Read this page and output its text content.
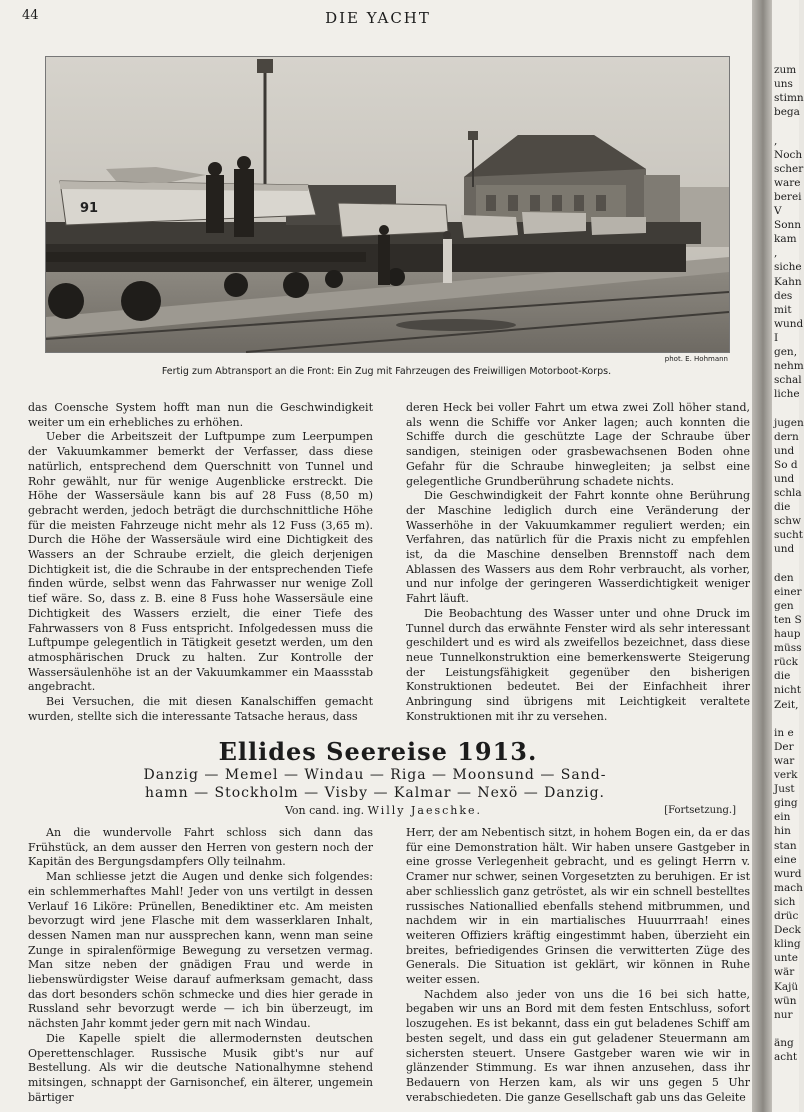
44	DIE YACHT
91
phot. E. Hohmann
Fertig zum Abtransport an die Front: Ein Zug mit Fahrzeugen des Freiwilligen Motorboot-Korps.

das Coensche System hofft man nun die Geschwindigkeit weiter um ein erhebliches zu erhöhen.

Ueber die Arbeitszeit der Luftpumpe zum Leerpumpen der Vakuumkammer bemerkt der Verfasser, dass diese natürlich, entsprechend dem Querschnitt von Tunnel und Rohr gewählt, nur für wenige Augenblicke erstreckt. Die Höhe der Wassersäule kann bis auf 28 Fuss (8,50 m) gebracht werden, jedoch beträgt die durchschnittliche Höhe für die meisten Fahrzeuge nicht mehr als 12 Fuss (3,65 m). Durch die Höhe der Wassersäule wird eine Dichtigkeit des Wassers an der Schraube erzielt, die gleich derjenigen Dichtigkeit ist, die die Schraube in der entsprechenden Tiefe finden würde, selbst wenn das Fahrwasser nur wenige Zoll tief wäre. So, dass z. B. eine 8 Fuss hohe Wassersäule eine Dichtigkeit des Wassers erzielt, die einer Tiefe des Fahrwassers von 8 Fuss entspricht. Infolgedessen muss die Luftpumpe gelegentlich in Tätigkeit gesetzt werden, um den atmosphärischen Druck zu halten. Zur Kontrolle der Wassersäulenhöhe ist an der Vakuumkammer ein Maassstab angebracht.

Bei Versuchen, die mit diesen Kanalschiffen gemacht wurden, stellte sich die interessante Tatsache heraus, dass

deren Heck bei voller Fahrt um etwa zwei Zoll höher stand, als wenn die Schiffe vor Anker lagen; auch konnten die Schiffe durch die geschützte Lage der Schraube über sandigen, steinigen oder grasbewachsenen Boden ohne Gefahr für die Schraube hinwegleiten; ja selbst eine gelegentliche Grundberührung schadete nichts.

Die Geschwindigkeit der Fahrt konnte ohne Berührung der Maschine lediglich durch eine Veränderung der Wasserhöhe in der Vakuumkammer reguliert werden; ein Verfahren, das natürlich für die Praxis nicht zu empfehlen ist, da die Maschine denselben Brennstoff nach dem Ablassen des Wassers aus dem Rohr verbraucht, als vorher, und nur infolge der geringeren Wasserdichtigkeit weniger Fahrt läuft.

Die Beobachtung des Wasser unter und ohne Druck im Tunnel durch das erwähnte Fenster wird als sehr interessant geschildert und es wird als zweifellos bezeichnet, dass diese neue Tunnelkonstruktion eine bemerkenswerte Steigerung der Leistungsfähigkeit gegenüber den bisherigen Konstruktionen bedeutet. Bei der Einfachheit ihrer Anbringung sind übrigens mit Leichtigkeit veraltete Konstruktionen mit ihr zu versehen.

Ellides Seereise 1913.
Danzig — Memel — Windau — Riga — Moonsund — Sand-
hamn — Stockholm — Visby — Kalmar — Nexö — Danzig.
Von cand. ing. Willy Jaeschke.	[Fortsetzung.]

An die wundervolle Fahrt schloss sich dann das Frühstück, an dem ausser den Herren von gestern noch der Kapitän des Bergungsdampfers Olly teilnahm.

Man schliesse jetzt die Augen und denke sich folgendes: ein schlemmerhaftes Mahl! Jeder von uns vertilgt in dessen Verlauf 16 Liköre: Prünellen, Benediktiner etc. Am meisten bevorzugt wird jene Flasche mit dem wasserklaren Inhalt, dessen Namen man nur aussprechen kann, wenn man seine Zunge in spiralenförmige Bewegung zu versetzen vermag. Man sitze neben der gnädigen Frau und werde in liebenswürdigster Weise darauf aufmerksam gemacht, dass das dort besonders schön schmecke und dies hier gerade in Russland sehr bevorzugt werde — ich bin überzeugt, im nächsten Jahr kommt jeder gern mit nach Windau.

Die Kapelle spielt die allermodernsten deutschen Operettenschlager. Russische Musik gibt's nur auf Bestellung. Als wir die deutsche Nationalhymne stehend mitsingen, schnappt der Garnisonchef, ein älterer, ungemein bärtiger

Herr, der am Nebentisch sitzt, in hohem Bogen ein, da er das für eine Demonstration hält. Wir haben unsere Gastgeber in eine grosse Verlegenheit gebracht, und es gelingt Herrn v. Cramer nur schwer, seinen Vorgesetzten zu beruhigen. Er ist aber schliesslich ganz getröstet, als wir ein schnell bestelltes russisches Nationallied ebenfalls stehend mitbrummen, und nachdem wir in ein martialisches Huuurrraah! eines weiteren Offiziers kräftig eingestimmt haben, überzieht ein breites, befriedigendes Grinsen die verwitterten Züge des Generals. Die Situation ist geklärt, wir können in Ruhe weiter essen.

Nachdem also jeder von uns die 16 bei sich hatte, begaben wir uns an Bord mit dem festen Entschluss, sofort loszugehen. Es ist bekannt, dass ein gut beladenes Schiff am besten segelt, und dass ein gut geladener Steuermann am sichersten steuert. Unsere Gastgeber waren wie wir in glänzender Stimmung. Es war ihnen anzusehen, dass ihr Bedauern von Herzen kam, als wir uns gegen 5 Uhr verabschiedeten. Die ganze Gesellschaft gab uns das Geleite

zum
uns
stimn
bega
,
Noch
scher
ware
berei
V
Sonn
kam
,
siche
Kahn
des
mit
wund
I
gen,
nehm
schal
liche
jugen
dern
und
So d
und
schla
die
schw
sucht
und
den
einer
gen
ten S
haup
müss
rück
die
nicht
Zeit,
in e
Der
war
verk
Just
ging
ein
hin
stan
eine
wurd
mach
sich
drüc
Deck
kling
unte
wär
Kajü
wün
nur
äng
acht
